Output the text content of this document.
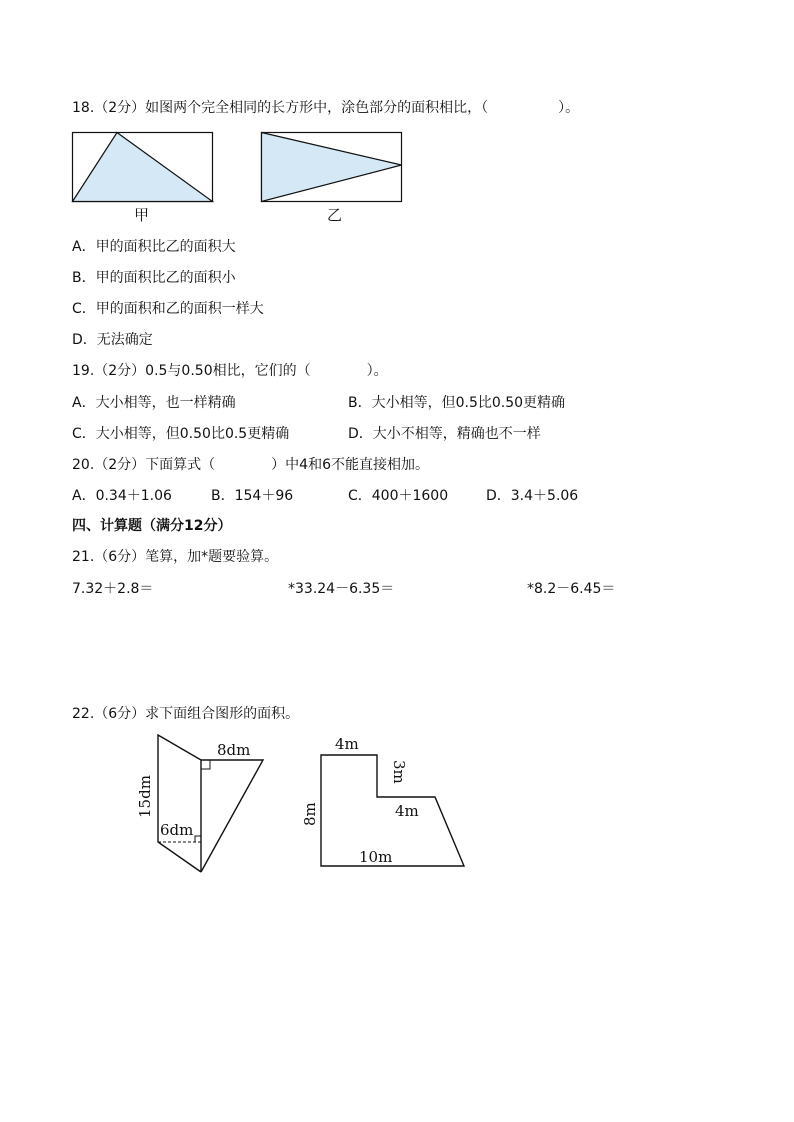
18.（2分）如图两个完全相同的长方形中，涂色部分的面积相比，（　　　　　）。
甲	乙
A．甲的面积比乙的面积大
B．甲的面积比乙的面积小
C．甲的面积和乙的面积一样大
D．无法确定
19.（2分）0.5与0.50相比，它们的（　　　　）。
A．大小相等，也一样精确	B．大小相等，但0.5比0.50更精确
C．大小相等，但0.50比0.5更精确	D．大小不相等，精确也不一样
20.（2分）下面算式（　　　　）中4和6不能直接相加。
A．0.34＋1.06	B．154＋96	C．400＋1600	D．3.4＋5.06
四、计算题（满分12分）
21.（6分）笔算，加*题要验算。
7.32＋2.8＝	*33.24－6.35＝	*8.2－6.45＝
22.（6分）求下面组合图形的面积。
8dm
15dm
6dm
4m
3m
4m
8m
10m
